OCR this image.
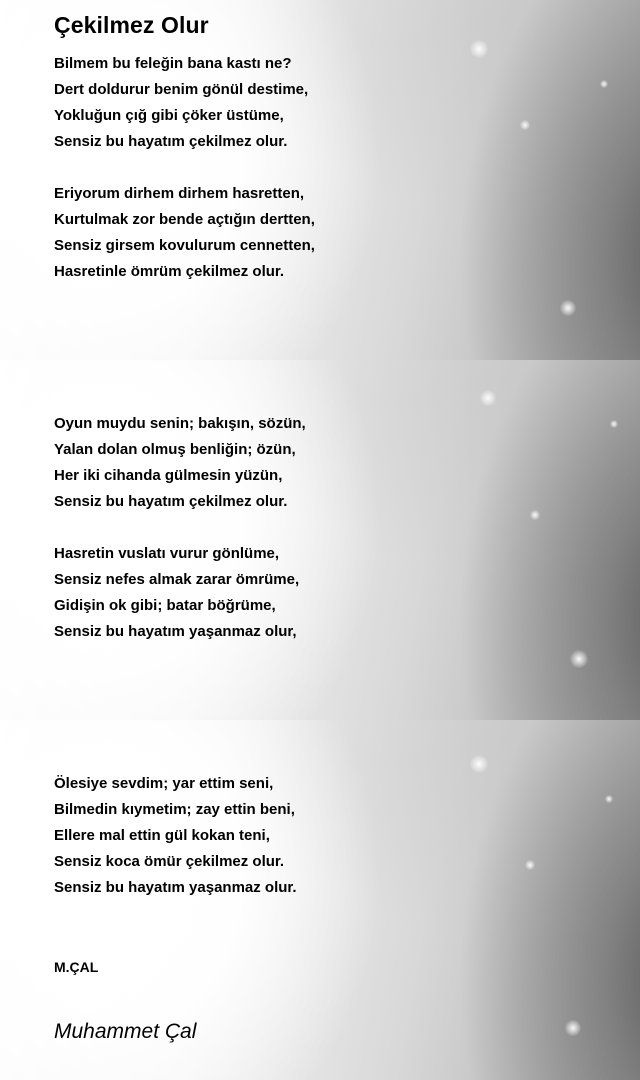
Çekilmez Olur

Bilmem bu feleğin bana kastı ne?
Dert doldurur benim gönül destime,
Yokluğun çığ gibi çöker üstüme,
Sensiz bu hayatım çekilmez olur.

Eriyorum dirhem dirhem hasretten,
Kurtulmak zor bende açtığın dertten,
Sensiz girsem kovulurum cennetten,
Hasretinle ömrüm çekilmez olur.

Oyun muydu senin; bakışın, sözün,
Yalan dolan olmuş benliğin; özün,
Her iki cihanda gülmesin yüzün,
Sensiz bu hayatım çekilmez olur.

Hasretin vuslatı vurur gönlüme,
Sensiz nefes almak zarar ömrüme,
Gidişin ok gibi; batar böğrüme,
Sensiz bu hayatım yaşanmaz olur,

Ölesiye sevdim; yar ettim seni,
Bilmedin kıymetim; zay ettin beni,
Ellere mal ettin gül kokan teni,
Sensiz koca ömür çekilmez olur.
Sensiz bu hayatım yaşanmaz olur.

M.ÇAL

Muhammet Çal
